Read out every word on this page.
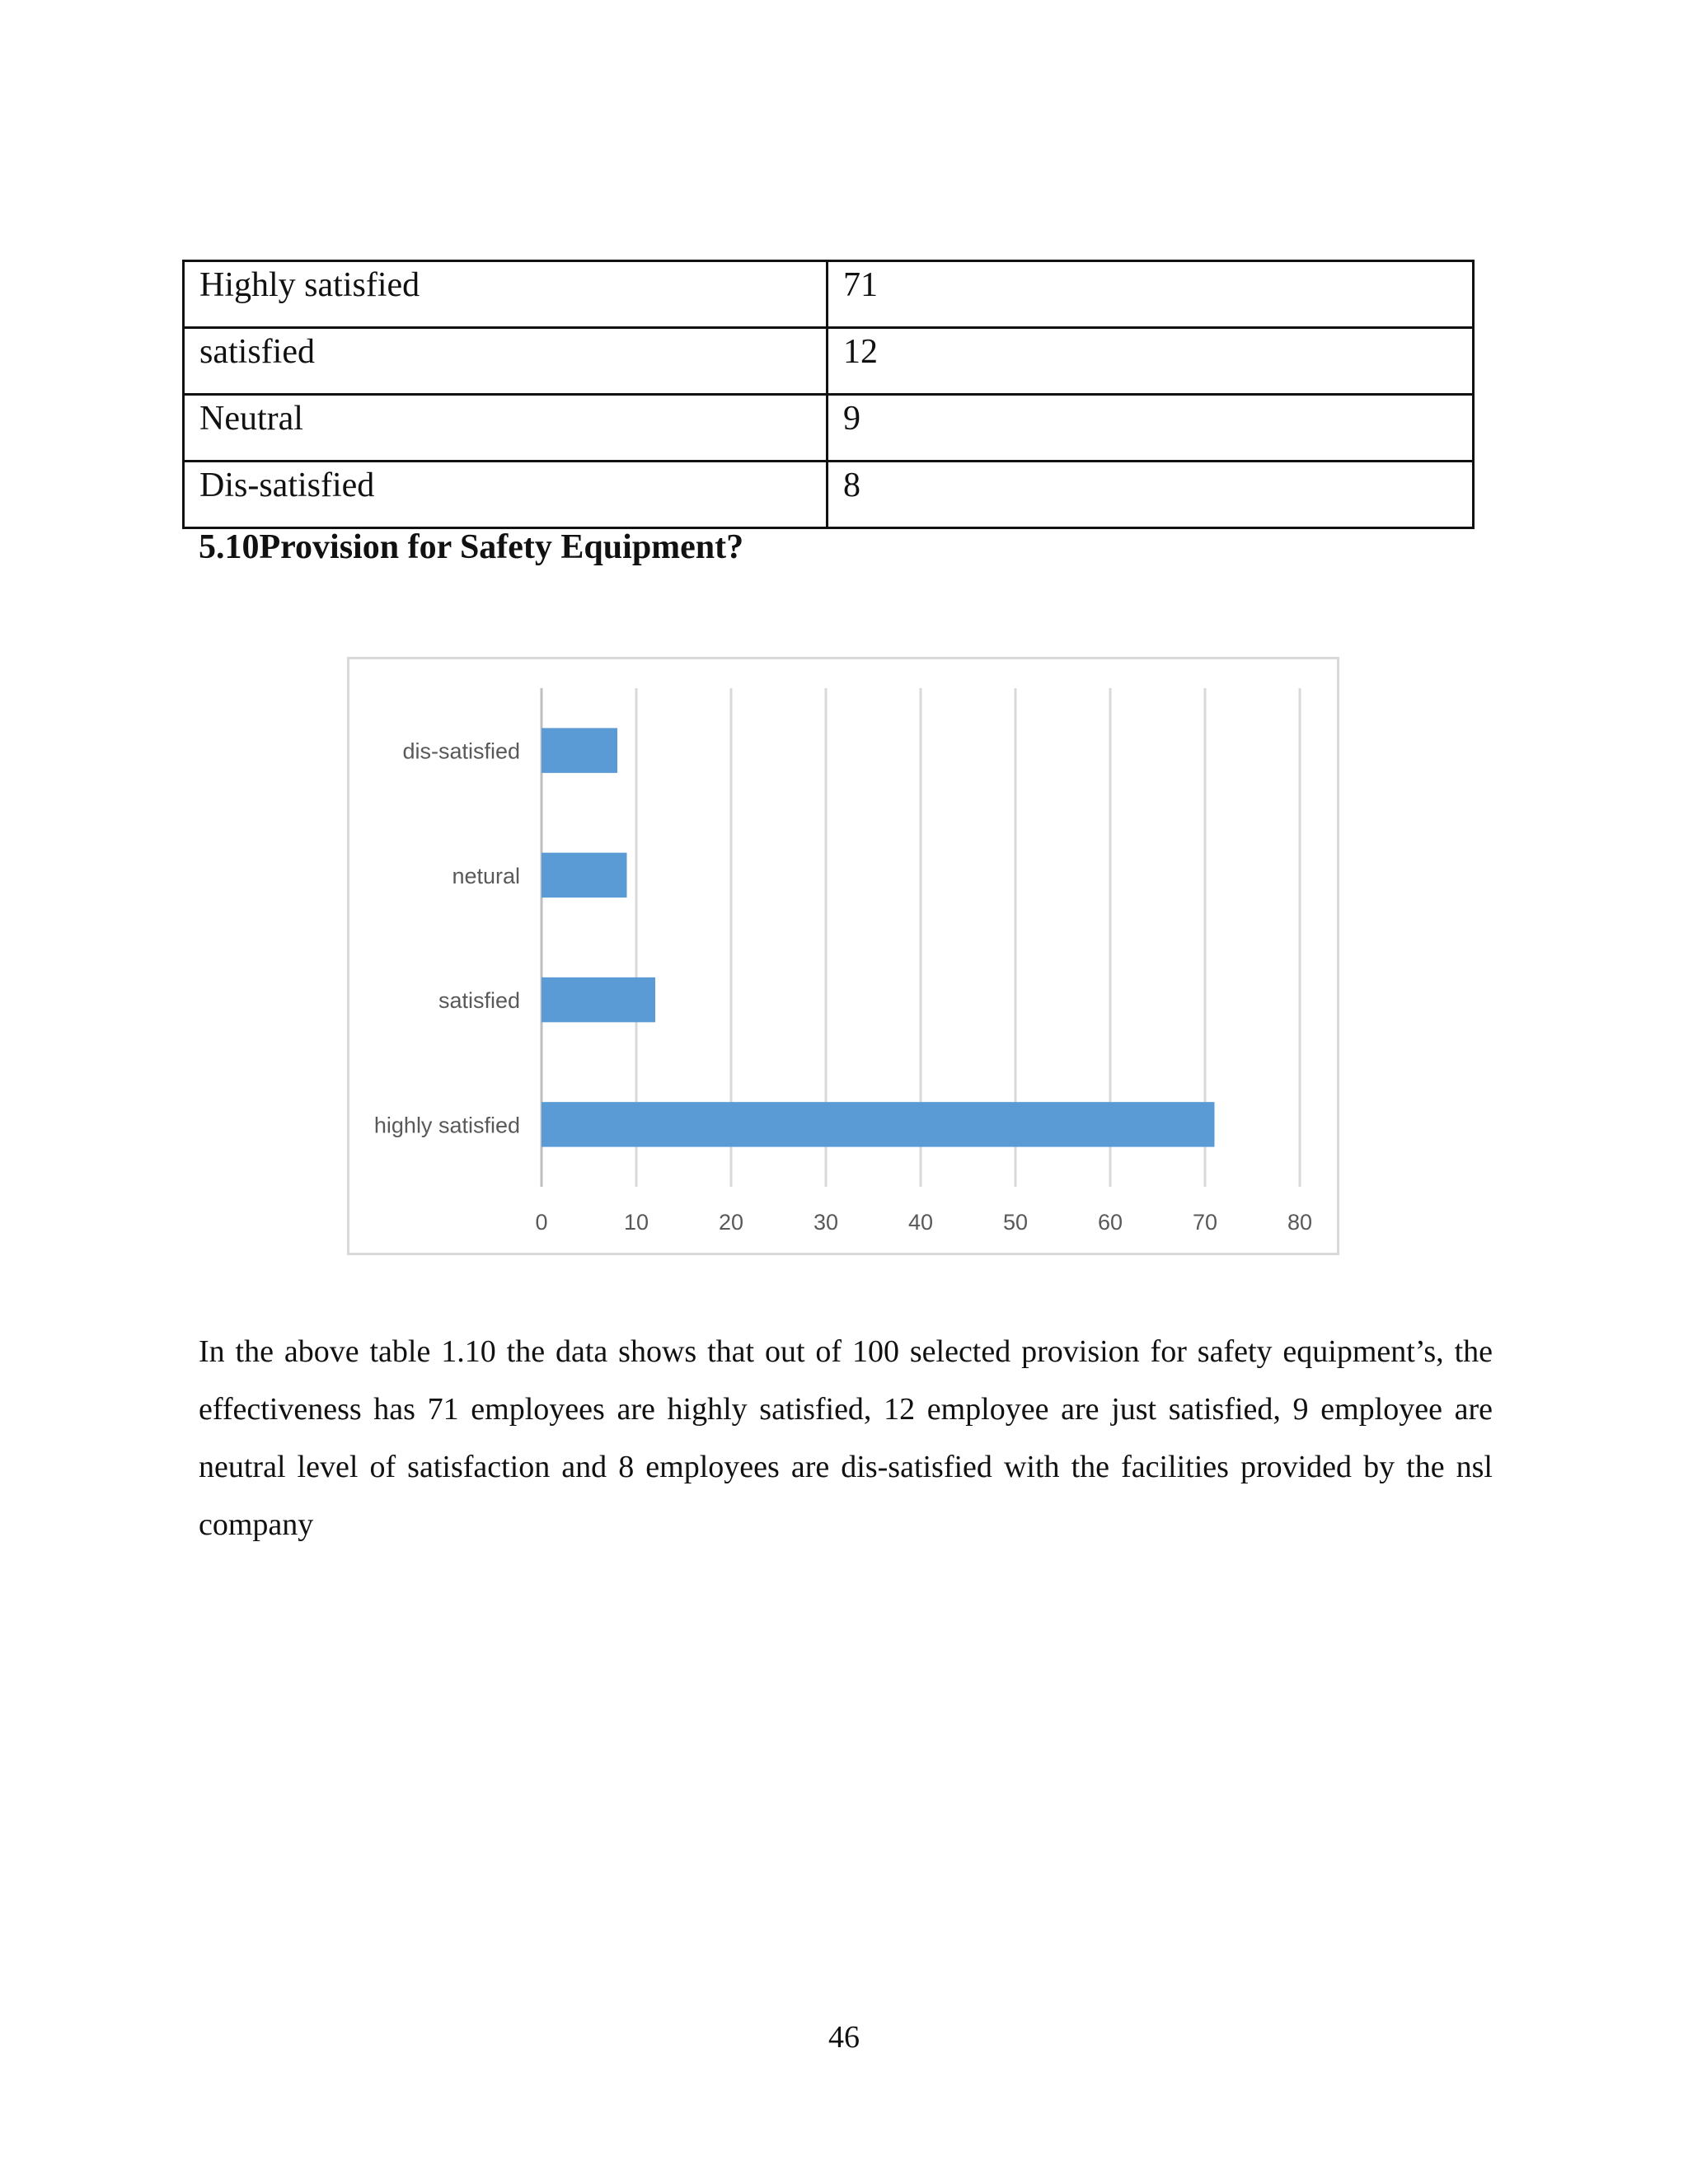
Highly satisfied	71
satisfied	12
Neutral	9
Dis-satisfied	8
5.10Provision for Safety Equipment?
dis-satisfied
netural
satisfied
highly satisfied
0	10	20	30	40	50	60	70	80
In the above table 1.10 the data shows that out of 100 selected provision for safety equipment’s, the effectiveness has 71 employees are highly satisfied, 12 employee are just satisfied, 9 employee are neutral level of satisfaction and 8 employees are dis-satisfied with the facilities provided by the nsl company
46
